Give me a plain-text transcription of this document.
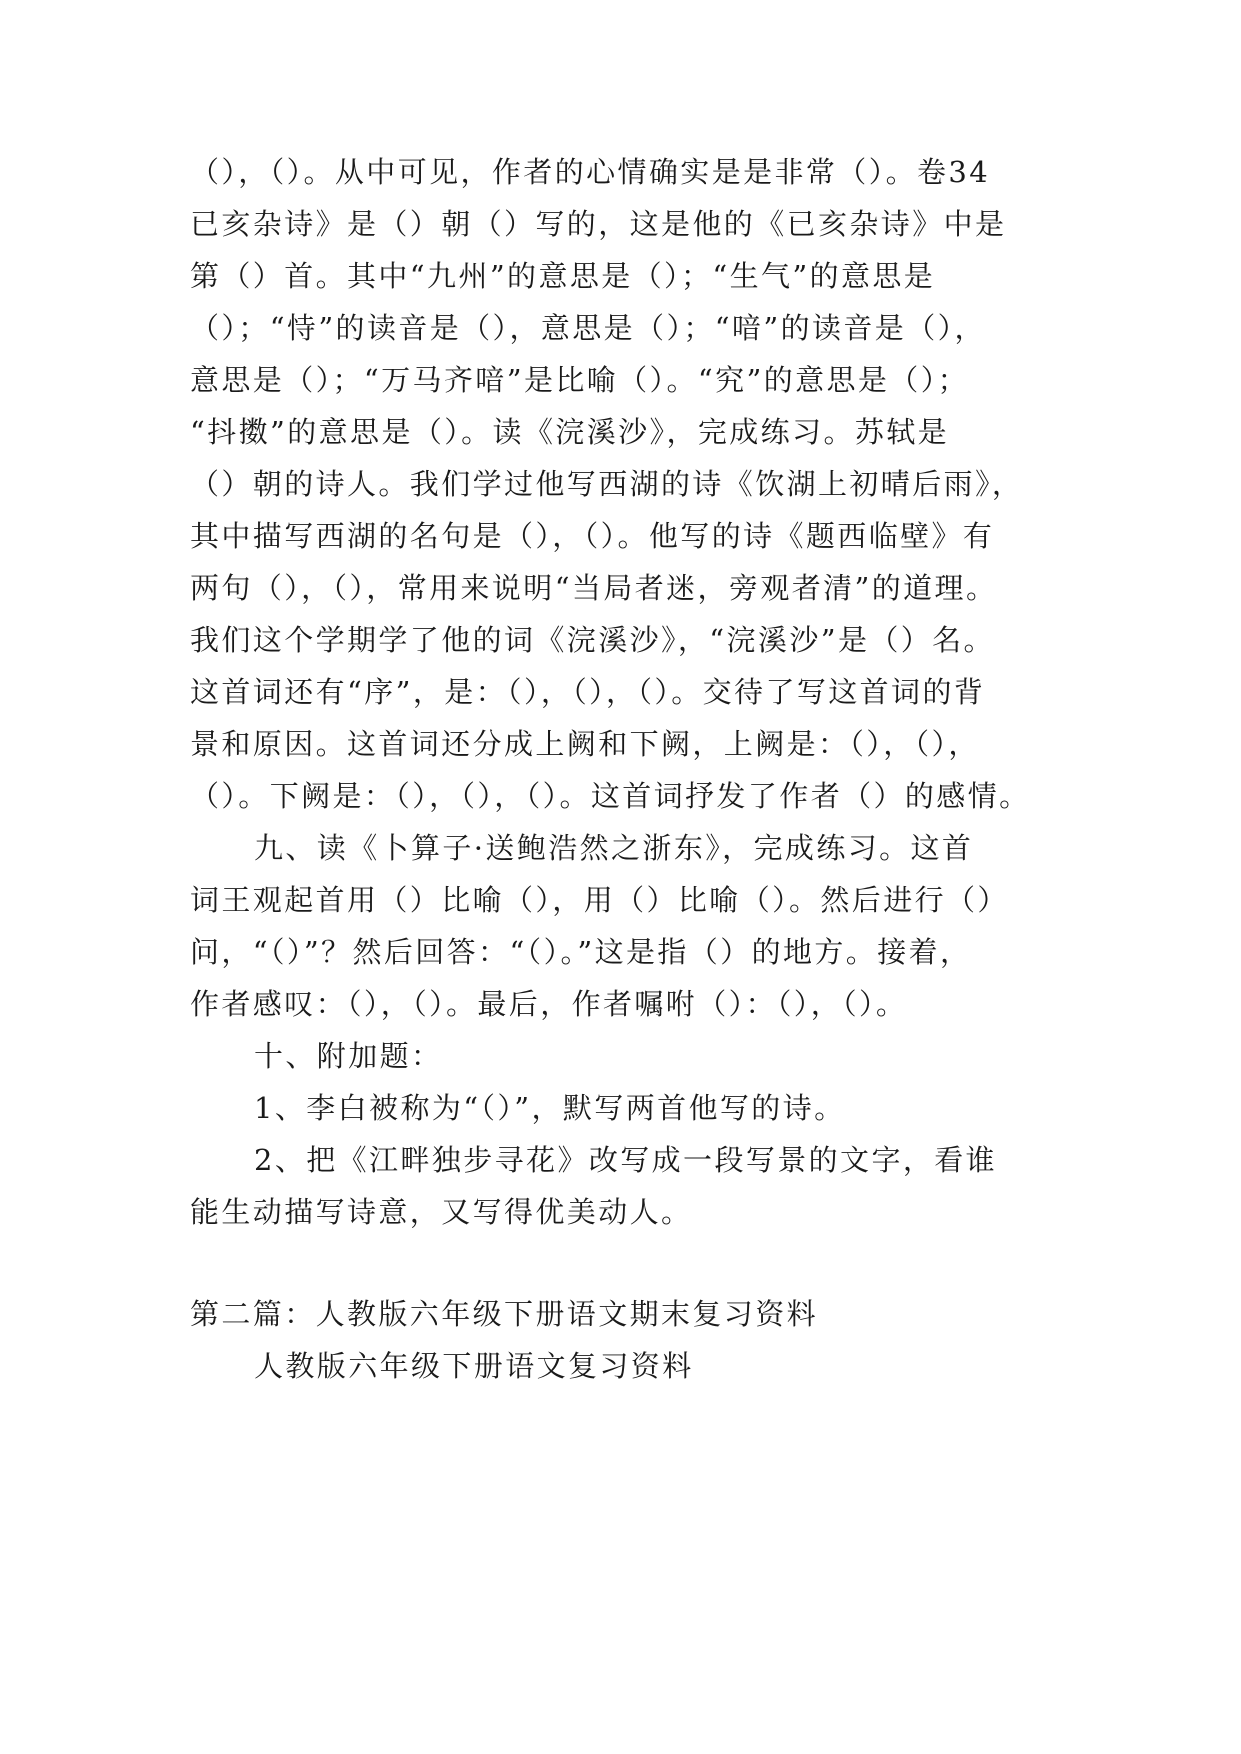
（），（）。从中可见，作者的心情确实是是非常（）。卷34
已亥杂诗》是（）朝（）写的，这是他的《已亥杂诗》中是
第（）首。其中“九州”的意思是（）；“生气”的意思是
（）；“恃”的读音是（），意思是（）；“喑”的读音是（），
意思是（）；“万马齐喑”是比喻（）。“究”的意思是（）；
“抖擞”的意思是（）。读《浣溪沙》，完成练习。苏轼是
（）朝的诗人。我们学过他写西湖的诗《饮湖上初晴后雨》，
其中描写西湖的名句是（），（）。他写的诗《题西临壁》有
两句（），（），常用来说明“当局者迷，旁观者清”的道理。
我们这个学期学了他的词《浣溪沙》，“浣溪沙”是（）名。
这首词还有“序”，是：（），（），（）。交待了写这首词的背
景和原因。这首词还分成上阙和下阙，上阙是：（），（），
（）。下阙是：（），（），（）。这首词抒发了作者（）的感情。
九、读《卜算子·送鲍浩然之浙东》，完成练习。这首
词王观起首用（）比喻（），用（）比喻（）。然后进行（）
问，“（）”？然后回答：“（）。”这是指（）的地方。接着，
作者感叹：（），（）。最后，作者嘱咐（）：（），（）。
十、附加题：
1、李白被称为“（）”，默写两首他写的诗。
2、把《江畔独步寻花》改写成一段写景的文字，看谁
能生动描写诗意，又写得优美动人。
第二篇：人教版六年级下册语文期末复习资料
人教版六年级下册语文复习资料
